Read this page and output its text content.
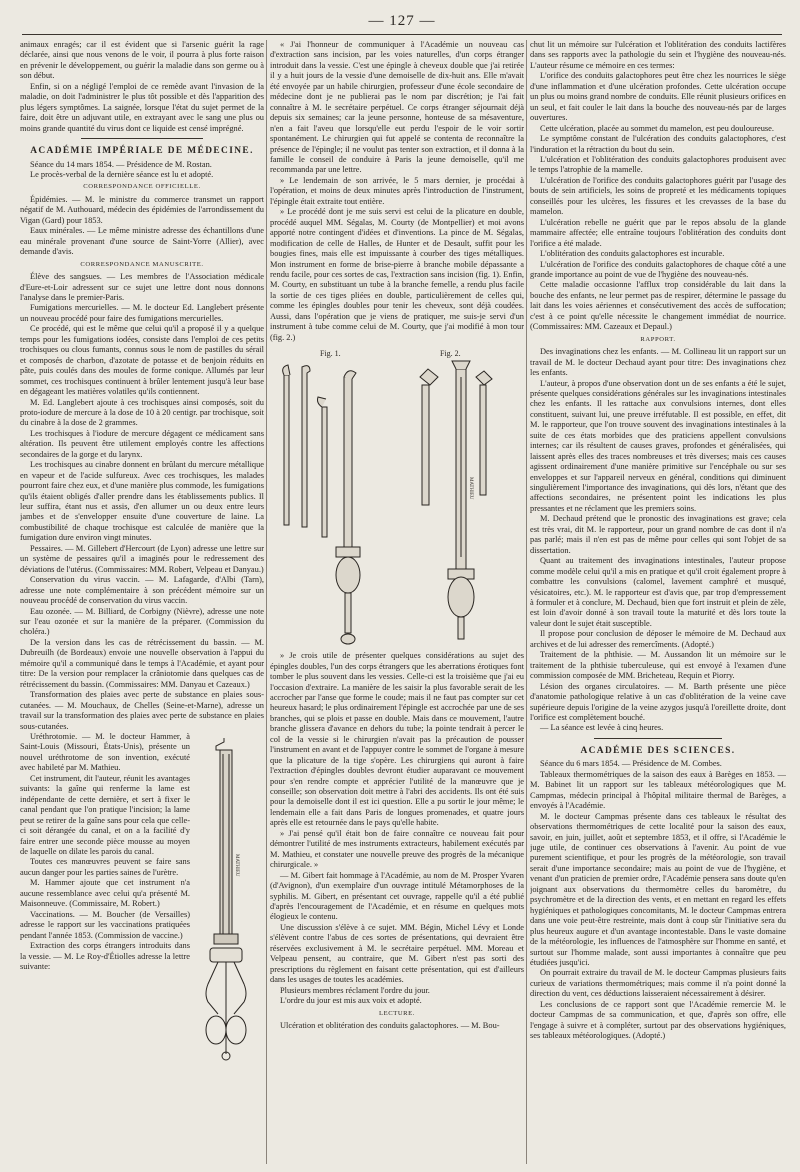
— 127 —

animaux enragés; car il est évident que si l'arsenic guérit la rage déclarée, ainsi que nous venons de le voir, il pourra à plus forte raison en prévenir le développement, ou guérir la maladie dans son germe ou à son début.

Enfin, si on a négligé l'emploi de ce remède avant l'invasion de la maladie, on doit l'administrer le plus tôt possible et dès l'apparition des plus légers symptômes. La saignée, lorsque l'état du sujet permet de la faire, doit être un adjuvant utile, en extrayant avec le sang une plus ou moins grande quantité du virus dont ce liquide est censé imprégné.

ACADÉMIE IMPÉRIALE DE MÉDECINE.

Séance du 14 mars 1854. — Présidence de M. Rostan.

Le procès-verbal de la dernière séance est lu et adopté.

CORRESPONDANCE OFFICIELLE.

Épidémies. — M. le ministre du commerce transmet un rapport négatif de M. Authouard, médecin des épidémies de l'arrondissement du Vigan (Gard) pour 1853.

Eaux minérales. — Le même ministre adresse des échantillons d'une eau minérale provenant d'une source de Saint-Yorre (Allier), avec demande d'avis.

CORRESPONDANCE MANUSCRITE.

Élève des sangsues. — Les membres de l'Association médicale d'Eure-et-Loir adressent sur ce sujet une lettre dont nous donnons l'analyse dans le premier-Paris.

Fumigations mercurielles. — M. le docteur Ed. Langlebert présente un nouveau procédé pour faire des fumigations mercurielles.

Ce procédé, qui est le même que celui qu'il a proposé il y a quelque temps pour les fumigations iodées, consiste dans l'emploi de ces petits trochisques ou clous fumants, connus sous le nom de pastilles du sérail et composés de charbon, d'azotate de potasse et de benjoin réduits en pâte, puis coulés dans des moules de forme conique. Allumés par leur sommet, ces trochisques continuent à brûler lentement jusqu'à leur base en dégageant les matières volatiles qu'ils contiennent.

M. Ed. Langlebert ajoute à ces trochisques ainsi composés, soit du proto-iodure de mercure à la dose de 10 à 20 centigr. par trochisque, soit du cinabre à la dose de 2 grammes.

Les trochisques à l'iodure de mercure dégagent ce médicament sans altération. Ils peuvent être utilement employés contre les affections secondaires de la gorge et du larynx.

Les trochisques au cinabre donnent en brûlant du mercure métallique en vapeur et de l'acide sulfureux. Avec ces trochisques, les malades pourront faire chez eux, et d'une manière plus commode, les fumigations qu'ils étaient obligés d'aller prendre dans les établissements publics. Il leur suffira, étant nus et assis, d'en allumer un ou deux entre leurs jambes et de s'envelopper ensuite d'une couverture de laine. La combustibilité de chaque trochisque est calculée de manière que la fumigation dure environ vingt minutes.

Pessaires. — M. Gillebert d'Hercourt (de Lyon) adresse une lettre sur un système de pessaires qu'il a imaginés pour le redressement des déviations de l'utérus. (Commissaires: MM. Robert, Velpeau et Danyau.)

Conservation du virus vaccin. — M. Lafagarde, d'Albi (Tarn), adresse une note complémentaire à son précédent mémoire sur un nouveau procédé de conservation du virus vaccin.

Eau ozonée. — M. Billiard, de Corbigny (Nièvre), adresse une note sur l'eau ozonée et sur la manière de la préparer. (Commission du choléra.)

De la version dans les cas de rétrécissement du bassin. — M. Dubreuilh (de Bordeaux) envoie une nouvelle observation à l'appui du mémoire qu'il a communiqué dans le temps à l'Académie, et ayant pour titre: De la version pour remplacer la crâniotomie dans quelques cas de rétrécissement du bassin. (Commissaires: MM. Danyau et Cazeaux.)

Transformation des plaies avec perte de substance en plaies sous-cutanées. — M. Mouchaux, de Chelles (Seine-et-Marne), adresse un travail sur la transformation des plaies avec perte de substance en plaies sous-cutanées.

MATHIEU

Uréthrotomie. — M. le docteur Hammer, à Saint-Louis (Missouri, États-Unis), présente un nouvel uréthrotome de son invention, exécuté avec habileté par M. Mathieu.

Cet instrument, dit l'auteur, réunit les avantages suivants: la gaîne qui renferme la lame est indépendante de cette dernière, et sert à fixer le canal pendant que l'on pratique l'incision; la lame peut se retirer de la gaîne sans pour cela que celle-ci soit dérangée du canal, et on a la facilité d'y faire entrer une seconde pièce mousse au moyen de laquelle on dilate les parois du canal.

Toutes ces manœuvres peuvent se faire sans aucun danger pour les parties saines de l'urètre.

M. Hammer ajoute que cet instrument n'a aucune ressemblance avec celui qu'a présenté M. Maisonneuve. (Commissaire, M. Robert.)

Vaccinations. — M. Boucher (de Versailles) adresse le rapport sur les vaccinations pratiquées pendant l'année 1853. (Commission de vaccine.)

Extraction des corps étrangers introduits dans la vessie. — M. Le Roy-d'Étiolles adresse la lettre suivante:

« J'ai l'honneur de communiquer à l'Académie un nouveau cas d'extraction sans incision, par les voies naturelles, d'un corps étranger introduit dans la vessie. C'est une épingle à cheveux double que j'ai retirée il y a huit jours de la vessie d'une demoiselle de dix-huit ans. Elle m'avait été envoyée par un habile chirurgien, professeur d'une école secondaire de médecine dont je ne publierai pas le nom par discrétion; je l'ai fait connaître à M. le secrétaire perpétuel. Ce corps étranger séjournait déjà depuis six semaines; car la jeune personne, honteuse de sa mésaventure, n'en a fait l'aveu que lorsqu'elle eut perdu l'espoir de le voir sortir spontanément. Le chirurgien qui fut appelé se contenta de reconnaître la présence de l'épingle; il ne voulut pas tenter son extraction, et il donna à la famille le conseil de conduire à Paris la jeune demoiselle, qu'il me recommanda par une lettre.

» Le lendemain de son arrivée, le 5 mars dernier, je procédai à l'opération, et moins de deux minutes après l'introduction de l'instrument, l'épingle était extraite tout entière.

» Le procédé dont je me suis servi est celui de la plicature en double, procédé auquel MM. Ségalas, M. Courty (de Montpellier) et moi avons apporté notre contingent d'idées et d'inventions. La pince de M. Ségalas, modification de celle de Halles, de Hunter et de Desault, suffit pour les bougies fines, mais elle est impuissante à courber des tiges métalliques. Mon instrument en forme de brise-pierre à branche mobile dépassante a rendu facile, pour ces sortes de cas, l'extraction sans incision (fig. 1). Enfin, M. Courty, en substituant un tube à la branche femelle, a rendu plus facile la sortie de ces tiges pliées en double, particulièrement de celles qui, comme les épingles doubles pour tenir les cheveux, sont déjà coudées. Aussi, dans l'opération que je viens de pratiquer, me suis-je servi d'un instrument à tube comme celui de M. Courty, que j'ai modifié à mon tour (fig. 2.)

Fig. 1.	Fig. 2.
MATHIEU

» Je crois utile de présenter quelques considérations au sujet des épingles doubles, l'un des corps étrangers que les aberrations érotiques font tomber le plus souvent dans les vessies. Celle-ci est la troisième que j'ai eu l'occasion d'extraire. La manière de les saisir la plus favorable serait de les accrocher par l'anse que forme le coude; mais il ne faut pas compter sur cet heureux hasard; le plus ordinairement l'épingle est accrochée par une de ses branches, qui se plois et passe en double. Mais dans ce mouvement, l'autre branche glissera d'avance en dehors du tube; la pointe tendrait à percer le col de la vessie si le chirurgien n'avait pas la précaution de pousser l'instrument en avant et de l'appuyer contre le sommet de l'organe à mesure que la plicature de la tige s'opère. Les chirurgiens qui auront à faire l'extraction d'épingles doubles devront étudier auparavant ce mouvement pour s'en rendre compte et apprécier l'utilité de la manœuvre que je conseille; son observation doit mettre à l'abri des accidents. Ils ont été suis pour la demoiselle dont il est ici question. Elle a pu sortir le jour même; le lendemain elle a fait dans Paris de longues promenades, et quatre jours après elle est retournée dans le pays qu'elle habite.

» J'ai pensé qu'il était bon de faire connaître ce nouveau fait pour démontrer l'utilité de mes instruments extracteurs, habilement exécutés par M. Mathieu, et constater une nouvelle preuve des progrès de la mécanique chirurgicale. »

— M. Gibert fait hommage à l'Académie, au nom de M. Prosper Yvaren (d'Avignon), d'un exemplaire d'un ouvrage intitulé Métamorphoses de la syphilis. M. Gibert, en présentant cet ouvrage, rappelle qu'il a été publié d'après l'encouragement de l'Académie, et en résume en quelques mots élogieux le contenu.

Une discussion s'élève à ce sujet. MM. Bégin, Michel Lévy et Londe s'élèvent contre l'abus de ces sortes de présentations, qui devraient être réservées exclusivement à M. le secrétaire perpétuel. MM. Moreau et Velpeau pensent, au contraire, que M. Gibert n'est pas sorti des prescriptions du règlement en faisant cette présentation, qui est d'ailleurs dans les usages de toutes les académies.

Plusieurs membres réclament l'ordre du jour.

L'ordre du jour est mis aux voix et adopté.

LECTURE.

Ulcération et oblitération des conduits galactophores. — M. Bou-

chut lit un mémoire sur l'ulcération et l'oblitération des conduits lactifères dans ses rapports avec la pathologie du sein et l'hygiène des nouveau-nés. L'auteur résume ce mémoire en ces termes:

L'orifice des conduits galactophores peut être chez les nourrices le siège d'une inflammation et d'une ulcération profondes. Cette ulcération occupe un plus ou moins grand nombre de conduits. Elle réunit plusieurs orifices en un seul, et fait couler le lait dans la bouche des nouveau-nés par de larges ouvertures.

Cette ulcération, placée au sommet du mamelon, est peu douloureuse.

Le symptôme constant de l'ulcération des conduits galactophores, c'est l'induration et la rétraction du bout du sein.

L'ulcération et l'oblitération des conduits galactophores produisent avec le temps l'atrophie de la mamelle.

L'ulcération de l'orifice des conduits galactophores guérit par l'usage des bouts de sein artificiels, les soins de propreté et les médicaments topiques conseillés pour les ulcères, les fissures et les crevasses de la base du mamelon.

L'ulcération rebelle ne guérit que par le repos absolu de la glande mammaire affectée; elle entraîne toujours l'oblitération des conduits dont l'orifice a été malade.

L'oblitération des conduits galactophores est incurable.

L'ulcération de l'orifice des conduits galactophores de chaque côté a une grande importance au point de vue de l'hygiène des nouveau-nés.

Cette maladie occasionne l'afflux trop considérable du lait dans la bouche des enfants, ne leur permet pas de respirer, détermine le passage du lait dans les voies aériennes et consécutivement des accès de suffocation; c'est à ce point qu'elle nécessite le changement immédiat de nourrice. (Commissaires: MM. Cazeaux et Depaul.)

RAPPORT.

Des invaginations chez les enfants. — M. Collineau lit un rapport sur un travail de M. le docteur Dechaud ayant pour titre: Des invaginations chez les enfants.

L'auteur, à propos d'une observation dont un de ses enfants a été le sujet, présente quelques considérations générales sur les invaginations intestinales chez les enfants. Il les rattache aux convulsions internes, dont elles constituent, suivant lui, une preuve irréfutable. Il est possible, en effet, dit M. le rapporteur, que l'on trouve souvent des invaginations intestinales à la suite de ces états morbides que des praticiens appellent convulsions internes; car ils résultent de causes graves, profondes et généralisées, qui laissent après elles des traces nombreuses et très diverses; mais ces causes agissent ordinairement d'une manière primitive sur l'encéphale ou sur ses enveloppes et sur l'appareil nerveux en général, conditions qui diminuent singulièrement l'importance des invaginations, qui dès lors, n'étant que des affections secondaires, ne présentent point les indications les plus pressantes et ne réclament que les premiers soins.

M. Dechaud prétend que le pronostic des invaginations est grave; cela est très vrai, dit M. le rapporteur, pour un grand nombre de cas dont il n'a pas parlé; mais il n'en est pas de même pour celles qui sont l'objet de sa dissertation.

Quant au traitement des invaginations intestinales, l'auteur propose comme modèle celui qu'il a mis en pratique et qu'il croit également propre à combattre les convulsions (calomel, lavement camphré et musqué, vésicatoires, etc.). M. le rapporteur est d'avis que, par trop d'empressement à formuler et à conclure, M. Dechaud, bien que fort instruit et plein de zèle, est loin d'avoir donné à son travail toute la maturité et dès lors toute la valeur dont le sujet était susceptible.

Il propose pour conclusion de déposer le mémoire de M. Dechaud aux archives et de lui adresser des remercîments. (Adopté.)

Traitement de la phthisie. — M. Aussandon lit un mémoire sur le traitement de la phthisie tuberculeuse, qui est envoyé à l'examen d'une commission composée de MM. Bricheteau, Requin et Piorry.

Lésion des organes circulatoires. — M. Barth présente une pièce d'anatomie pathologique relative à un cas d'oblitération de la veine cave supérieure depuis l'origine de la veine azygos jusqu'à l'oreillette droite, dont l'orifice est complètement bouché.

— La séance est levée à cinq heures.

ACADÉMIE DES SCIENCES.

Séance du 6 mars 1854. — Présidence de M. Combes.

Tableaux thermométriques de la saison des eaux à Barèges en 1853. — M. Babinet lit un rapport sur les tableaux météorologiques que M. Campmas, médecin principal à l'hôpital militaire thermal de Barèges, a envoyés à l'Académie.

M. le docteur Campmas présente dans ces tableaux le résultat des observations thermométriques de cette localité pour la saison des eaux, savoir, en juin, juillet, août et septembre 1853, et il offre, si l'Académie le juge utile, de continuer ces observations à l'avenir. Au point de vue purement scientifique, et pour les progrès de la météorologie, son travail serait d'une importance secondaire; mais au point de vue de l'hygiène, et venant d'un praticien de premier ordre, l'Académie pensera sans doute qu'en joignant aux observations du thermomètre celles du baromètre, du psychromètre et de la direction des vents, et en mettant en regard les effets hygiéniques et pathologiques concomitants, M. le docteur Campmas entrera dans une voie peut-être restreinte, mais dont à coup sûr l'initiative sera du plus heureux augure et d'un avantage incontestable. Dans le vaste domaine de la météorologie, les influences de l'atmosphère sur l'homme en santé, et surtout sur l'homme malade, sont aussi importantes à connaître que peu étudiées jusqu'ici.

On pourrait extraire du travail de M. le docteur Campmas plusieurs faits curieux de variations thermométriques; mais comme il n'a point donné la direction du vent, ces déductions laisseraient nécessairement à désirer.

Les conclusions de ce rapport sont que l'Académie remercie M. le docteur Campmas de sa communication, et que, d'après son offre, elle l'engage à suivre et à compléter, surtout par des observations hygiéniques, ses tableaux météorologiques. (Adopté.)
